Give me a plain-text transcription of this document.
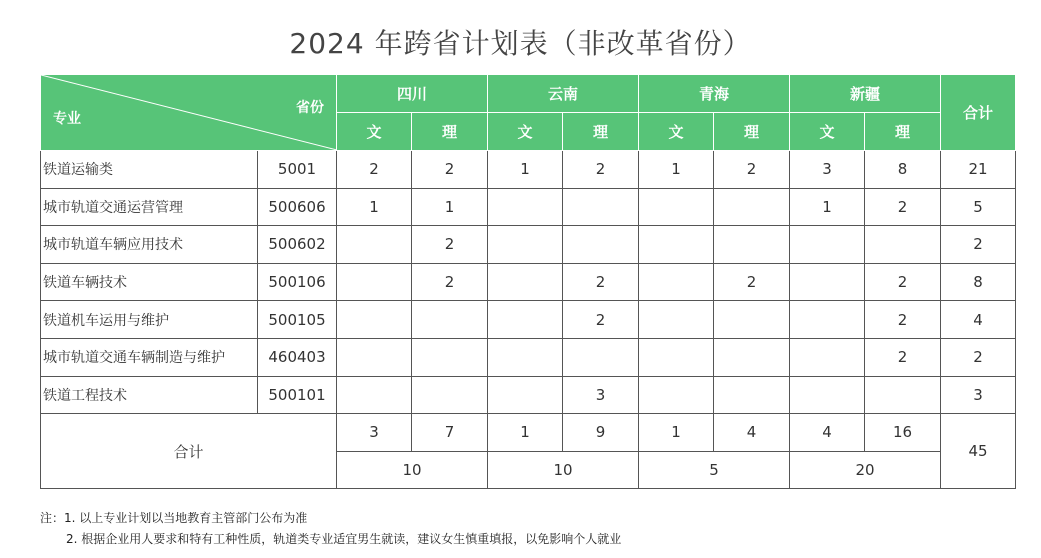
2024 年跨省计划表（非改革省份）
省份
专业		四川		云南		青海		新疆		合计
		文	理	文	理	文	理	文	理	
铁道运输类	5001	2	2	1	2	1	2	3	8	21
城市轨道交通运营管理	500606	1	1					1	2	5
城市轨道车辆应用技术	500602		2							2
铁道车辆技术	500106		2		2		2		2	8
铁道机车运用与维护	500105				2				2	4
城市轨道交通车辆制造与维护	460403								2	2
铁道工程技术	500101				3					3
合计		3	7	1	9	1	4	4	16	45
		10		10		5		20		
注：1. 以上专业计划以当地教育主管部门公布为准
2. 根据企业用人要求和特有工种性质，轨道类专业适宜男生就读，建议女生慎重填报，以免影响个人就业
